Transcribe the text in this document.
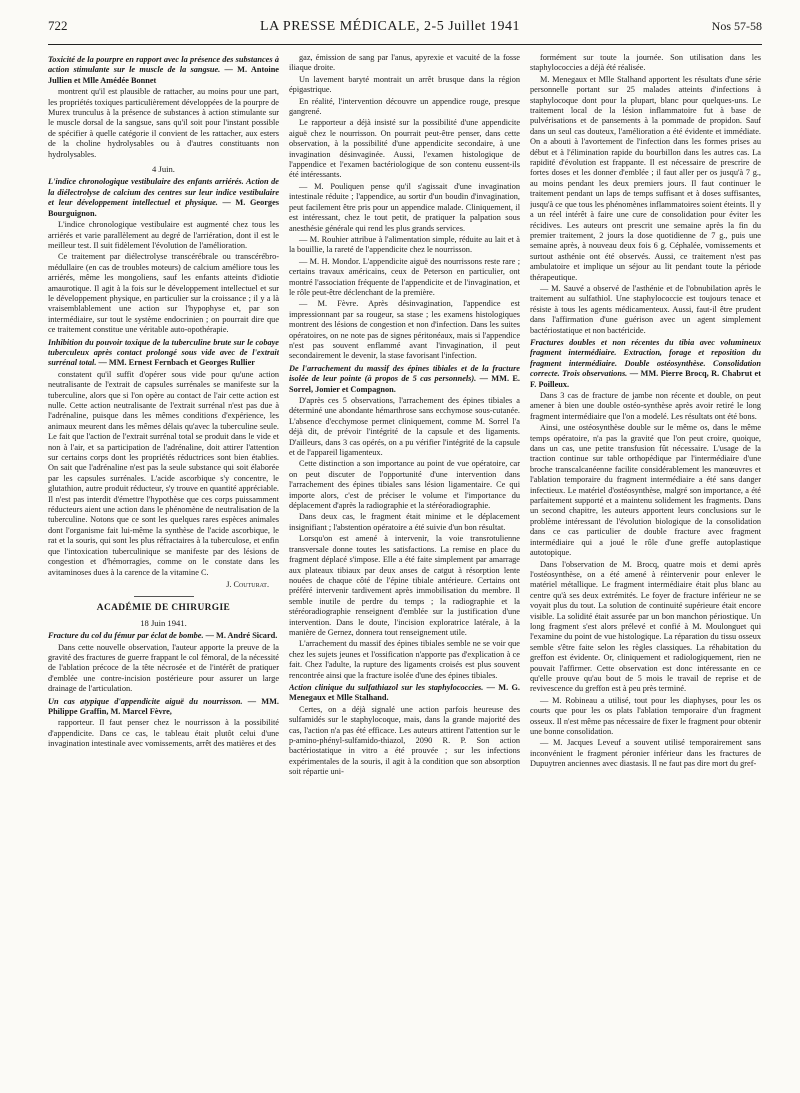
722	LA PRESSE MÉDICALE, 2-5 Juillet 1941	Nos 57-58

Toxicité de la pourpre en rapport avec la présence des substances à action stimulante sur le muscle de la sangsue. — M. Antoine Jullien et Mlle Amédée Bonnet

montrent qu'il est plausible de rattacher, au moins pour une part, les propriétés toxiques particulièrement développées de la pourpre de Murex trunculus à la présence de substances à action stimulante sur le muscle dorsal de la sangsue, sans qu'il soit pour l'instant possible de spécifier à quelle catégorie il convient de les rattacher, aux esters de la choline hydrolysables ou à d'autres constituants non hydrolysables.

4 Juin.

L'indice chronologique vestibulaire des enfants arriérés. Action de la diélectrolyse de calcium des centres sur leur indice vestibulaire et leur développement intellectuel et physique. — M. Georges Bourguignon.

L'indice chronologique vestibulaire est augmenté chez tous les arriérés et varie parallèlement au degré de l'arriération, dont il est le meilleur test. Il suit fidèlement l'évolution de l'amélioration.

Ce traitement par diélectrolyse transcérébrale ou transcérébro-médullaire (en cas de troubles moteurs) de calcium améliore tous les arriérés, même les mongoliens, sauf les enfants atteints d'idiotie amaurotique. Il agit à la fois sur le développement intellectuel et sur le développement physique, en particulier sur la croissance ; il y a là vraisemblablement une action sur l'hypophyse et, par son intermédiaire, sur tout le système endocrinien ; on pourrait dire que ce traitement constitue une véritable auto-opothérapie.

Inhibition du pouvoir toxique de la tuberculine brute sur le cobaye tuberculeux après contact prolongé sous vide avec de l'extrait surrénal total. — MM. Ernest Fernbach et Georges Rullier

constatent qu'il suffit d'opérer sous vide pour qu'une action neutralisante de l'extrait de capsules surrénales se manifeste sur la tuberculine, alors que si l'on opère au contact de l'air cette action est nulle. Cette action neutralisante de l'extrait surrénal n'est pas due à l'adrénaline, puisque dans les mêmes conditions d'expérience, les animaux meurent dans les mêmes délais qu'avec la tuberculine seule. Le fait que l'action de l'extrait surrénal total se produit dans le vide et non à l'air, et sa participation de l'adrénaline, doit attirer l'attention sur certains corps dont les propriétés réductrices sont bien établies. On sait que l'adrénaline n'est pas la seule substance qui soit élaborée par les capsules surrénales. L'acide ascorbique s'y concentre, le glutathion, autre produit réducteur, s'y trouve en quantité appréciable. Il n'est pas interdit d'émettre l'hypothèse que ces corps puissamment réducteurs aient une action dans le phénomène de neutralisation de la tuberculine. Notons que ce sont les quelques rares espèces animales dont l'organisme fait lui-même la synthèse de l'acide ascorbique, le rat et la souris, qui sont les plus réfractaires à la tuberculose, et enfin que l'intoxication tuberculinique se manifeste par des lésions de congestion et d'hémorragies, comme on le constate dans les avitaminoses dues à la carence de la vitamine C.

J. Couturat.
ACADÉMIE DE CHIRURGIE
18 Juin 1941.

Fracture du col du fémur par éclat de bombe. — M. André Sicard.

Dans cette nouvelle observation, l'auteur apporte la preuve de la gravité des fractures de guerre frappant le col fémoral, de la nécessité de l'ablation précoce de la tête nécrosée et de l'intérêt de pratiquer d'emblée une contre-incision postérieure pour assurer un large drainage de l'articulation.

Un cas atypique d'appendicite aiguë du nourrisson. — MM. Philippe Graffin, M. Marcel Fèvre,

rapporteur. Il faut penser chez le nourrisson à la possibilité d'appendicite. Dans ce cas, le tableau était plutôt celui d'une invagination intestinale avec vomissements, arrêt des matières et des

gaz, émission de sang par l'anus, apyrexie et vacuité de la fosse iliaque droite.

Un lavement baryté montrait un arrêt brusque dans la région épigastrique.

En réalité, l'intervention découvre un appendice rouge, presque gangrené.

Le rapporteur a déjà insisté sur la possibilité d'une appendicite aiguë chez le nourrisson. On pourrait peut-être penser, dans cette observation, à la possibilité d'une appendicite secondaire, à une invagination désinvaginée. Aussi, l'examen histologique de l'appendice et l'examen bactériologique de son contenu eussent-ils été intéressants.

— M. Pouliquen pense qu'il s'agissait d'une invagination intestinale réduite ; l'appendice, au sortir d'un boudin d'invagination, peut facilement être pris pour un appendice malade. Cliniquement, il est intéressant, chez le tout petit, de pratiquer la palpation sous anesthésie générale qui rend les plus grands services.

— M. Rouhier attribue à l'alimentation simple, réduite au lait et à la bouillie, la rareté de l'appendicite chez le nourrisson.

— M. H. Mondor. L'appendicite aiguë des nourrissons reste rare ; certains travaux américains, ceux de Peterson en particulier, ont montré l'association fréquente de l'appendicite et de l'invagination, et le rôle peut-être déclenchant de la première.

— M. Fèvre. Après désinvagination, l'appendice est impressionnant par sa rougeur, sa stase ; les examens histologiques montrent des lésions de congestion et non d'infection. Dans les suites opératoires, on ne note pas de signes péritonéaux, mais si l'appendice n'est pas souvent enflammé avant l'invagination, il peut secondairement le devenir, la stase favorisant l'infection.

De l'arrachement du massif des épines tibiales et de la fracture isolée de leur pointe (à propos de 5 cas personnels). — MM. E. Sorrel, Jomier et Compagnon.

D'après ces 5 observations, l'arrachement des épines tibiales a déterminé une abondante hémarthrose sans ecchymose sous-cutanée. L'absence d'ecchymose permet cliniquement, comme M. Sorrel l'a déjà dit, de prévoir l'intégrité de la capsule et des ligaments. D'ailleurs, dans 3 cas opérés, on a pu vérifier l'intégrité de la capsule et de l'appareil ligamenteux.

Cette distinction a son importance au point de vue opératoire, car on peut discuter de l'opportunité d'une intervention dans l'arrachement des épines tibiales sans lésion ligamentaire. Ce qui importe alors, c'est de préciser le volume et l'importance du déplacement d'après la radiographie et la stéréoradiographie.

Dans deux cas, le fragment était minime et le déplacement insignifiant ; l'abstention opératoire a été suivie d'un bon résultat.

Lorsqu'on est amené à intervenir, la voie transrotulienne transversale donne toutes les satisfactions. La remise en place du fragment déplacé s'impose. Elle a été faite simplement par amarrage aux plateaux tibiaux par deux anses de catgut à résorption lente nouées de chaque côté de l'épine tibiale antérieure. Certains ont préféré intervenir tardivement après immobilisation du membre. Il semble inutile de perdre du temps ; la radiographie et la stéréoradiographie renseignent d'emblée sur la justification d'une intervention. Dans le doute, l'incision exploratrice latérale, à la manière de Gernez, donnera tout renseignement utile.

L'arrachement du massif des épines tibiales semble ne se voir que chez les sujets jeunes et l'ossification n'apporte pas d'explication à ce fait. Chez l'adulte, la rupture des ligaments croisés est plus souvent rencontrée ainsi que la fracture isolée d'une des épines tibiales.

Action clinique du sulfathiazol sur les staphylococcies. — M. G. Menegaux et Mlle Stalhand.

Certes, on a déjà signalé une action parfois heureuse des sulfamidés sur le staphylocoque, mais, dans la grande majorité des cas, l'action n'a pas été efficace. Les auteurs attirent l'attention sur le p-amino-phényl-sulfamido-thiazol, 2090 R. P. Son action bactériostatique in vitro a été prouvée ; sur les infections expérimentales de la souris, il agit à la condition que son absorption soit répartie uni-

formément sur toute la journée. Son utilisation dans les staphylococcies a déjà été réalisée.

M. Menegaux et Mlle Stalhand apportent les résultats d'une série personnelle portant sur 25 malades atteints d'infections à staphylocoque dont pour la plupart, blanc pour quelques-uns. Le traitement local de la lésion inflammatoire fut à base de pulvérisations et de pansements à la pommade de propidon. Sauf dans un seul cas douteux, l'amélioration a été évidente et immédiate. On a abouti à l'avortement de l'infection dans les formes prises au début et à l'élimination rapide du bourbillon dans les autres cas. La rapidité d'évolution est frappante. Il est nécessaire de prescrire de fortes doses et les donner d'emblée ; il faut aller per os jusqu'à 7 g., au moins pendant les deux premiers jours. Il faut continuer le traitement pendant un laps de temps suffisant et à doses suffisantes, jusqu'à ce que tous les phénomènes inflammatoires soient éteints. Il y a un réel intérêt à faire une cure de consolidation pour éviter les récidives. Les auteurs ont prescrit une semaine après la fin du premier traitement, 2 jours la dose quotidienne de 7 g., puis une semaine après, à nouveau deux fois 6 g. Céphalée, vomissements et surtout asthénie ont été observés. Aussi, ce traitement n'est pas ambulatoire et implique un séjour au lit pendant toute la période thérapeutique.

— M. Sauvé a observé de l'asthénie et de l'obnubilation après le traitement au sulfathiol. Une staphylococcie est toujours tenace et résiste à tous les agents médicamenteux. Aussi, faut-il être prudent dans l'affirmation d'une guérison avec un agent simplement bactériostatique et non bactéricide.

Fractures doubles et non récentes du tibia avec volumineux fragment intermédiaire. Extraction, forage et reposition du fragment intermédiaire. Double ostéosynthèse. Consolidation correcte. Trois observations. — MM. Pierre Brocq, R. Chabrut et F. Poilleux.

Dans 3 cas de fracture de jambe non récente et double, on peut amener à bien une double ostéo-synthèse après avoir retiré le long fragment intermédiaire que l'on a modelé. Les résultats ont été bons.

Ainsi, une ostéosynthèse double sur le même os, dans le même temps opératoire, n'a pas la gravité que l'on peut croire, quoique, dans un cas, une petite transfusion fût nécessaire. L'usage de la traction continue sur table orthopédique par l'intermédiaire d'une broche transcalcanéenne facilite considérablement les manœuvres et l'ablation temporaire du fragment intermédiaire a été sans danger infectieux. Le matériel d'ostéosynthèse, malgré son importance, a été parfaitement supporté et a maintenu solidement les fragments. Dans un second chapitre, les auteurs apportent leurs conclusions sur le problème intéressant de l'évolution biologique de la consolidation dans ce cas particulier de double fracture avec fragment intermédiaire qui a joué le rôle d'une greffe autoplastique autotopique.

Dans l'observation de M. Brocq, quatre mois et demi après l'ostéosynthèse, on a été amené à réintervenir pour enlever le matériel métallique. Le fragment intermédiaire était plus blanc au centre qu'à ses deux extrémités. Le foyer de fracture inférieur ne se voyait plus du tout. La solution de continuité supérieure était encore visible. La solidité était assurée par un bon manchon périostique. Un long fragment s'est alors prélevé et confié à M. Moulonguet qui l'examine du point de vue histologique. La réparation du tissu osseux semble s'être faite selon les règles classiques. La réhabitation du greffon est évidente. Or, cliniquement et radiologiquement, rien ne pouvait l'affirmer. Cette observation est donc intéressante en ce qu'elle prouve qu'au bout de 5 mois le travail de reprise et de revivescence du greffon est à peu près terminé.

— M. Robineau a utilisé, tout pour les diaphyses, pour les os courts que pour les os plats l'ablation temporaire d'un fragment osseux. Il n'est même pas nécessaire de fixer le fragment pour obtenir une bonne consolidation.

— M. Jacques Leveuf a souvent utilisé temporairement sans inconvénient le fragment péronier inférieur dans les fractures de Dupuytren anciennes avec diastasis. Il ne faut pas dire mort du gref-
